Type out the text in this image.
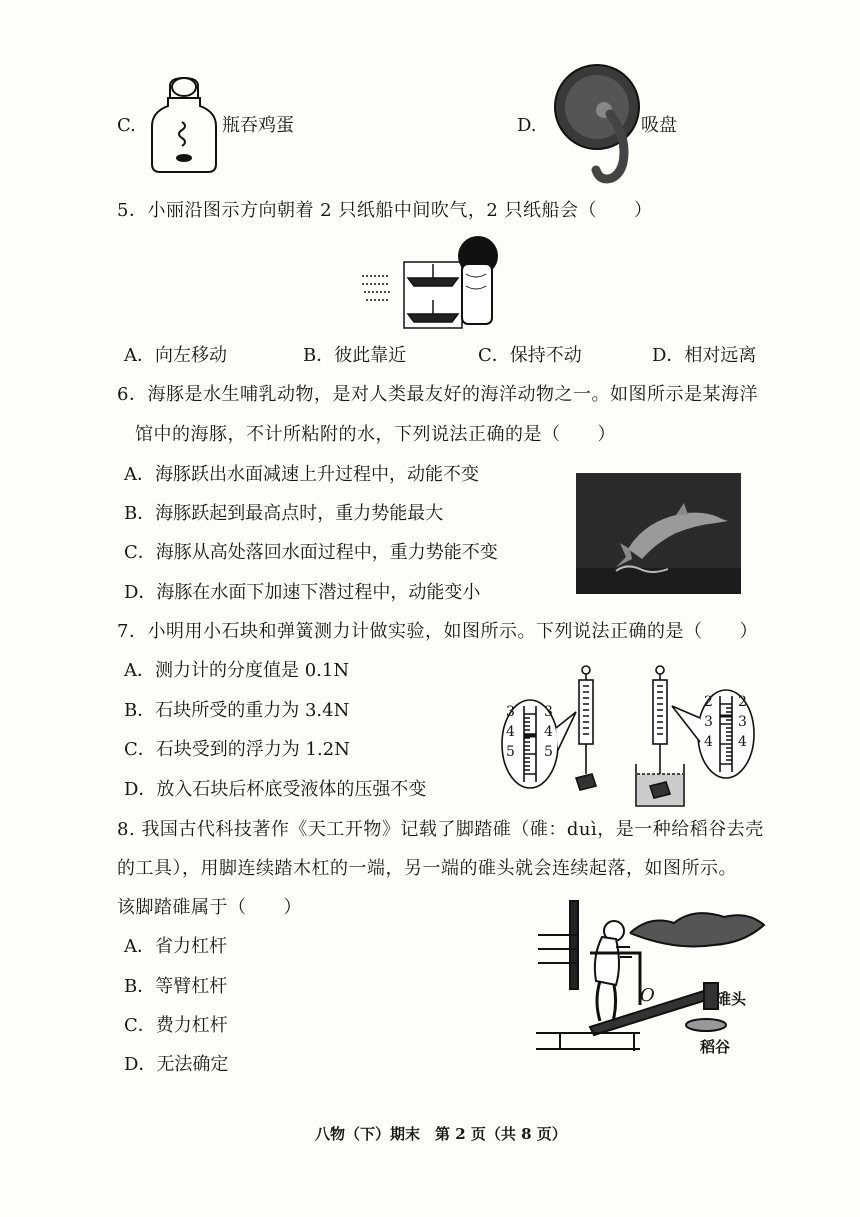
C.	瓶吞鸡蛋	D.	吸盘
5．小丽沿图示方向朝着 2 只纸船中间吹气，2 只纸船会（　　）
A．向左移动	B．彼此靠近	C．保持不动	D．相对远离
6．海豚是水生哺乳动物，是对人类最友好的海洋动物之一。如图所示是某海洋
馆中的海豚，不计所粘附的水，下列说法正确的是（　　）
A．海豚跃出水面减速上升过程中，动能不变
B．海豚跃起到最高点时，重力势能最大
C．海豚从高处落回水面过程中，重力势能不变
D．海豚在水面下加速下潜过程中，动能变小
7．小明用小石块和弹簧测力计做实验，如图所示。下列说法正确的是（　　）
A．测力计的分度值是 0.1N
B．石块所受的重力为 3.4N
C．石块受到的浮力为 1.2N
D．放入石块后杯底受液体的压强不变
3
4
5
3
4
5
2
3
4
2
3
4
8. 我国古代科技著作《天工开物》记载了脚踏碓（碓：duì，是一种给稻谷去壳
的工具），用脚连续踏木杠的一端，另一端的碓头就会连续起落，如图所示。
该脚踏碓属于（　　）
A．省力杠杆
B．等臂杠杆
C．费力杠杆
D．无法确定
O	碓头
稻谷
八物（下）期末　第 2 页（共 8 页）
